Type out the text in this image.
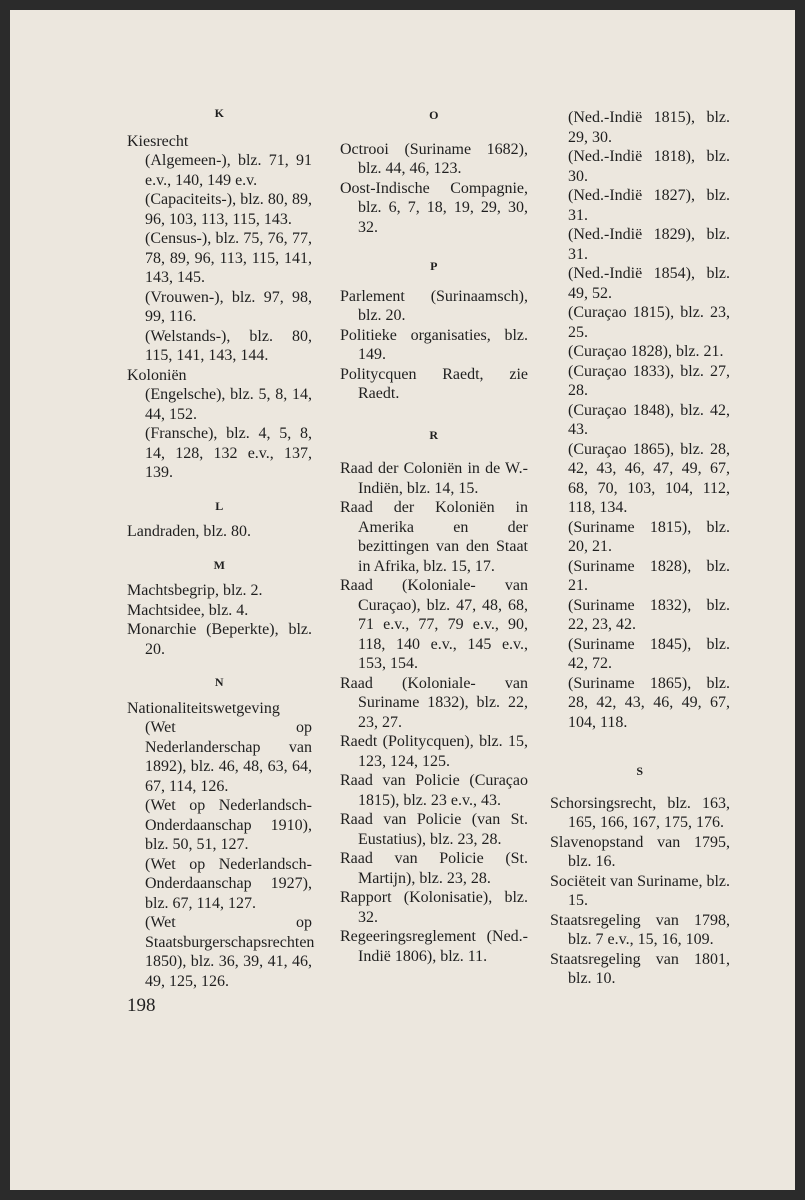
K
Kiesrecht
(Algemeen-), blz. 71, 91 e.v., 140, 149 e.v.
(Capaciteits-), blz. 80, 89, 96, 103, 113, 115, 143.
(Census-), blz. 75, 76, 77, 78, 89, 96, 113, 115, 141, 143, 145.
(Vrouwen-), blz. 97, 98, 99, 116.
(Welstands-), blz. 80, 115, 141, 143, 144.
Koloniën
(Engelsche), blz. 5, 8, 14, 44, 152.
(Fransche), blz. 4, 5, 8, 14, 128, 132 e.v., 137, 139.
L
Landraden, blz. 80.
M
Machtsbegrip, blz. 2.
Machtsidee, blz. 4.
Monarchie (Beperkte), blz. 20.
N
Nationaliteitswetgeving
(Wet op Nederlanderschap van 1892), blz. 46, 48, 63, 64, 67, 114, 126.
(Wet op Nederlandsch-Onderdaanschap 1910), blz. 50, 51, 127.
(Wet op Nederlandsch-Onderdaanschap 1927), blz. 67, 114, 127.
(Wet op Staatsburgerschapsrechten 1850), blz. 36, 39, 41, 46, 49, 125, 126.
O
Octrooi (Suriname 1682), blz. 44, 46, 123.
Oost-Indische Compagnie, blz. 6, 7, 18, 19, 29, 30, 32.
P
Parlement (Surinaamsch), blz. 20.
Politieke organisaties, blz. 149.
Politycquen Raedt, zie Raedt.
R
Raad der Coloniën in de W.-Indiën, blz. 14, 15.
Raad der Koloniën in Amerika en der bezittingen van den Staat in Afrika, blz. 15, 17.
Raad (Koloniale- van Curaçao), blz. 47, 48, 68, 71 e.v., 77, 79 e.v., 90, 118, 140 e.v., 145 e.v., 153, 154.
Raad (Koloniale- van Suriname 1832), blz. 22, 23, 27.
Raedt (Politycquen), blz. 15, 123, 124, 125.
Raad van Policie (Curaçao 1815), blz. 23 e.v., 43.
Raad van Policie (van St. Eustatius), blz. 23, 28.
Raad van Policie (St. Martijn), blz. 23, 28.
Rapport (Kolonisatie), blz. 32.
Regeeringsreglement (Ned.-Indië 1806), blz. 11.
(Ned.-Indië 1815), blz. 29, 30.
(Ned.-Indië 1818), blz. 30.
(Ned.-Indië 1827), blz. 31.
(Ned.-Indië 1829), blz. 31.
(Ned.-Indië 1854), blz. 49, 52.
(Curaçao 1815), blz. 23, 25.
(Curaçao 1828), blz. 21.
(Curaçao 1833), blz. 27, 28.
(Curaçao 1848), blz. 42, 43.
(Curaçao 1865), blz. 28, 42, 43, 46, 47, 49, 67, 68, 70, 103, 104, 112, 118, 134.
(Suriname 1815), blz. 20, 21.
(Suriname 1828), blz. 21.
(Suriname 1832), blz. 22, 23, 42.
(Suriname 1845), blz. 42, 72.
(Suriname 1865), blz. 28, 42, 43, 46, 49, 67, 104, 118.
S
Schorsingsrecht, blz. 163, 165, 166, 167, 175, 176.
Slavenopstand van 1795, blz. 16.
Sociëteit van Suriname, blz. 15.
Staatsregeling van 1798, blz. 7 e.v., 15, 16, 109.
Staatsregeling van 1801, blz. 10.
198
